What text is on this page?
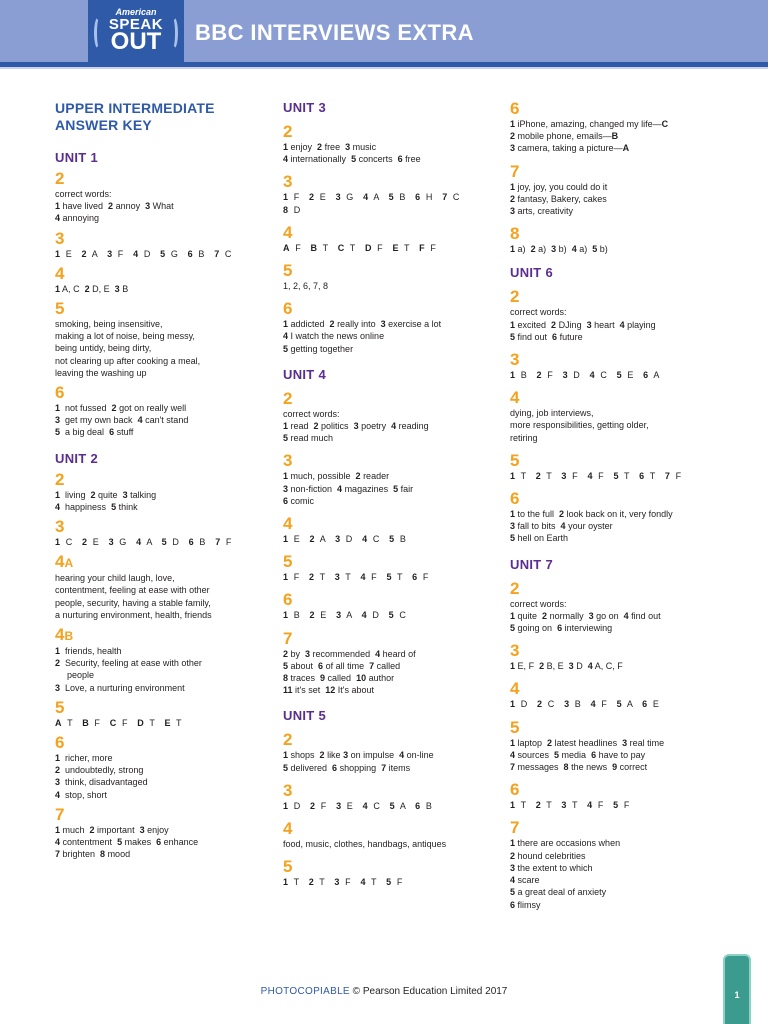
American
SPEAK
OUT	BBC INTERVIEWS EXTRA
UPPER INTERMEDIATE
ANSWER KEY
UNIT 1
2
correct words:
1 have lived  2 annoy  3 What
4 annoying
3
1 E 2 A 3 F 4 D 5 G 6 B 7 C
4
1 A, C 2 D, E 3 B
5
smoking, being insensitive,
making a lot of noise, being messy,
being untidy, being dirty,
not clearing up after cooking a meal,
leaving the washing up
6
1  not fussed  2 got on really well
3  get my own back  4 can't stand
5  a big deal  6 stuff
UNIT 2
2
1  living  2 quite  3 talking
4  happiness  5 think
3
1 C 2 E 3 G 4 A 5 D 6 B 7 F
4A
hearing your child laugh, love,
contentment, feeling at ease with other
people, security, having a stable family,
a nurturing environment, health, friends
4B
1  friends, health
2  Security, feeling at ease with other
people
3  Love, a nurturing environment
5
A T B F C F D T E T
6
1  richer, more
2  undoubtedly, strong
3  think, disadvantaged
4  stop, short
7
1 much  2 important  3 enjoy
4 contentment  5 makes  6 enhance
7 brighten  8 mood
UNIT 3
2
1 enjoy  2 free  3 music
4 internationally  5 concerts  6 free
3
1 F 2 E 3 G 4 A 5 B 6 H 7 C
8 D
4
A F B T C T D F E T F F
5
1, 2, 6, 7, 8
6
1 addicted  2 really into  3 exercise a lot
4 I watch the news online
5 getting together
UNIT 4
2
correct words:
1 read  2 politics  3 poetry  4 reading
5 read much
3
1 much, possible  2 reader
3 non-fiction  4 magazines  5 fair
6 comic
4
1 E 2 A 3 D 4 C 5 B
5
1 F 2 T 3 T 4 F 5 T 6 F
6
1 B 2 E 3 A 4 D 5 C
7
2 by  3 recommended  4 heard of
5 about  6 of all time  7 called
8 traces  9 called  10 author
11 it's set  12 It's about
UNIT 5
2
1 shops  2 like 3 on impulse  4 on-line
5 delivered  6 shopping  7 items
3
1 D 2 F 3 E 4 C 5 A 6 B
4
food, music, clothes, handbags, antiques
5
1 T 2 T 3 F 4 T 5 F
6
1 iPhone, amazing, changed my life—C
2 mobile phone, emails—B
3 camera, taking a picture—A
7
1 joy, joy, you could do it
2 fantasy, Bakery, cakes
3 arts, creativity
8
1 a) 2 a) 3 b) 4 a) 5 b)
UNIT 6
2
correct words:
1 excited  2 DJing  3 heart  4 playing
5 find out  6 future
3
1 B 2 F 3 D 4 C 5 E 6 A
4
dying, job interviews,
more responsibilities, getting older,
retiring
5
1 T 2 T 3 F 4 F 5 T 6 T 7 F
6
1 to the full  2 look back on it, very fondly
3 fall to bits  4 your oyster
5 hell on Earth
UNIT 7
2
correct words:
1 quite  2 normally  3 go on  4 find out
5 going on  6 interviewing
3
1 E, F 2 B, E 3 D 4 A, C, F
4
1 D 2 C 3 B 4 F 5 A 6 E
5
1 laptop  2 latest headlines  3 real time
4 sources  5 media  6 have to pay
7 messages  8 the news  9 correct
6
1 T 2 T 3 T 4 F 5 F
7
1 there are occasions when
2 hound celebrities
3 the extent to which
4 scare
5 a great deal of anxiety
6 flimsy
PHOTOCOPIABLE © Pearson Education Limited 2017	1
